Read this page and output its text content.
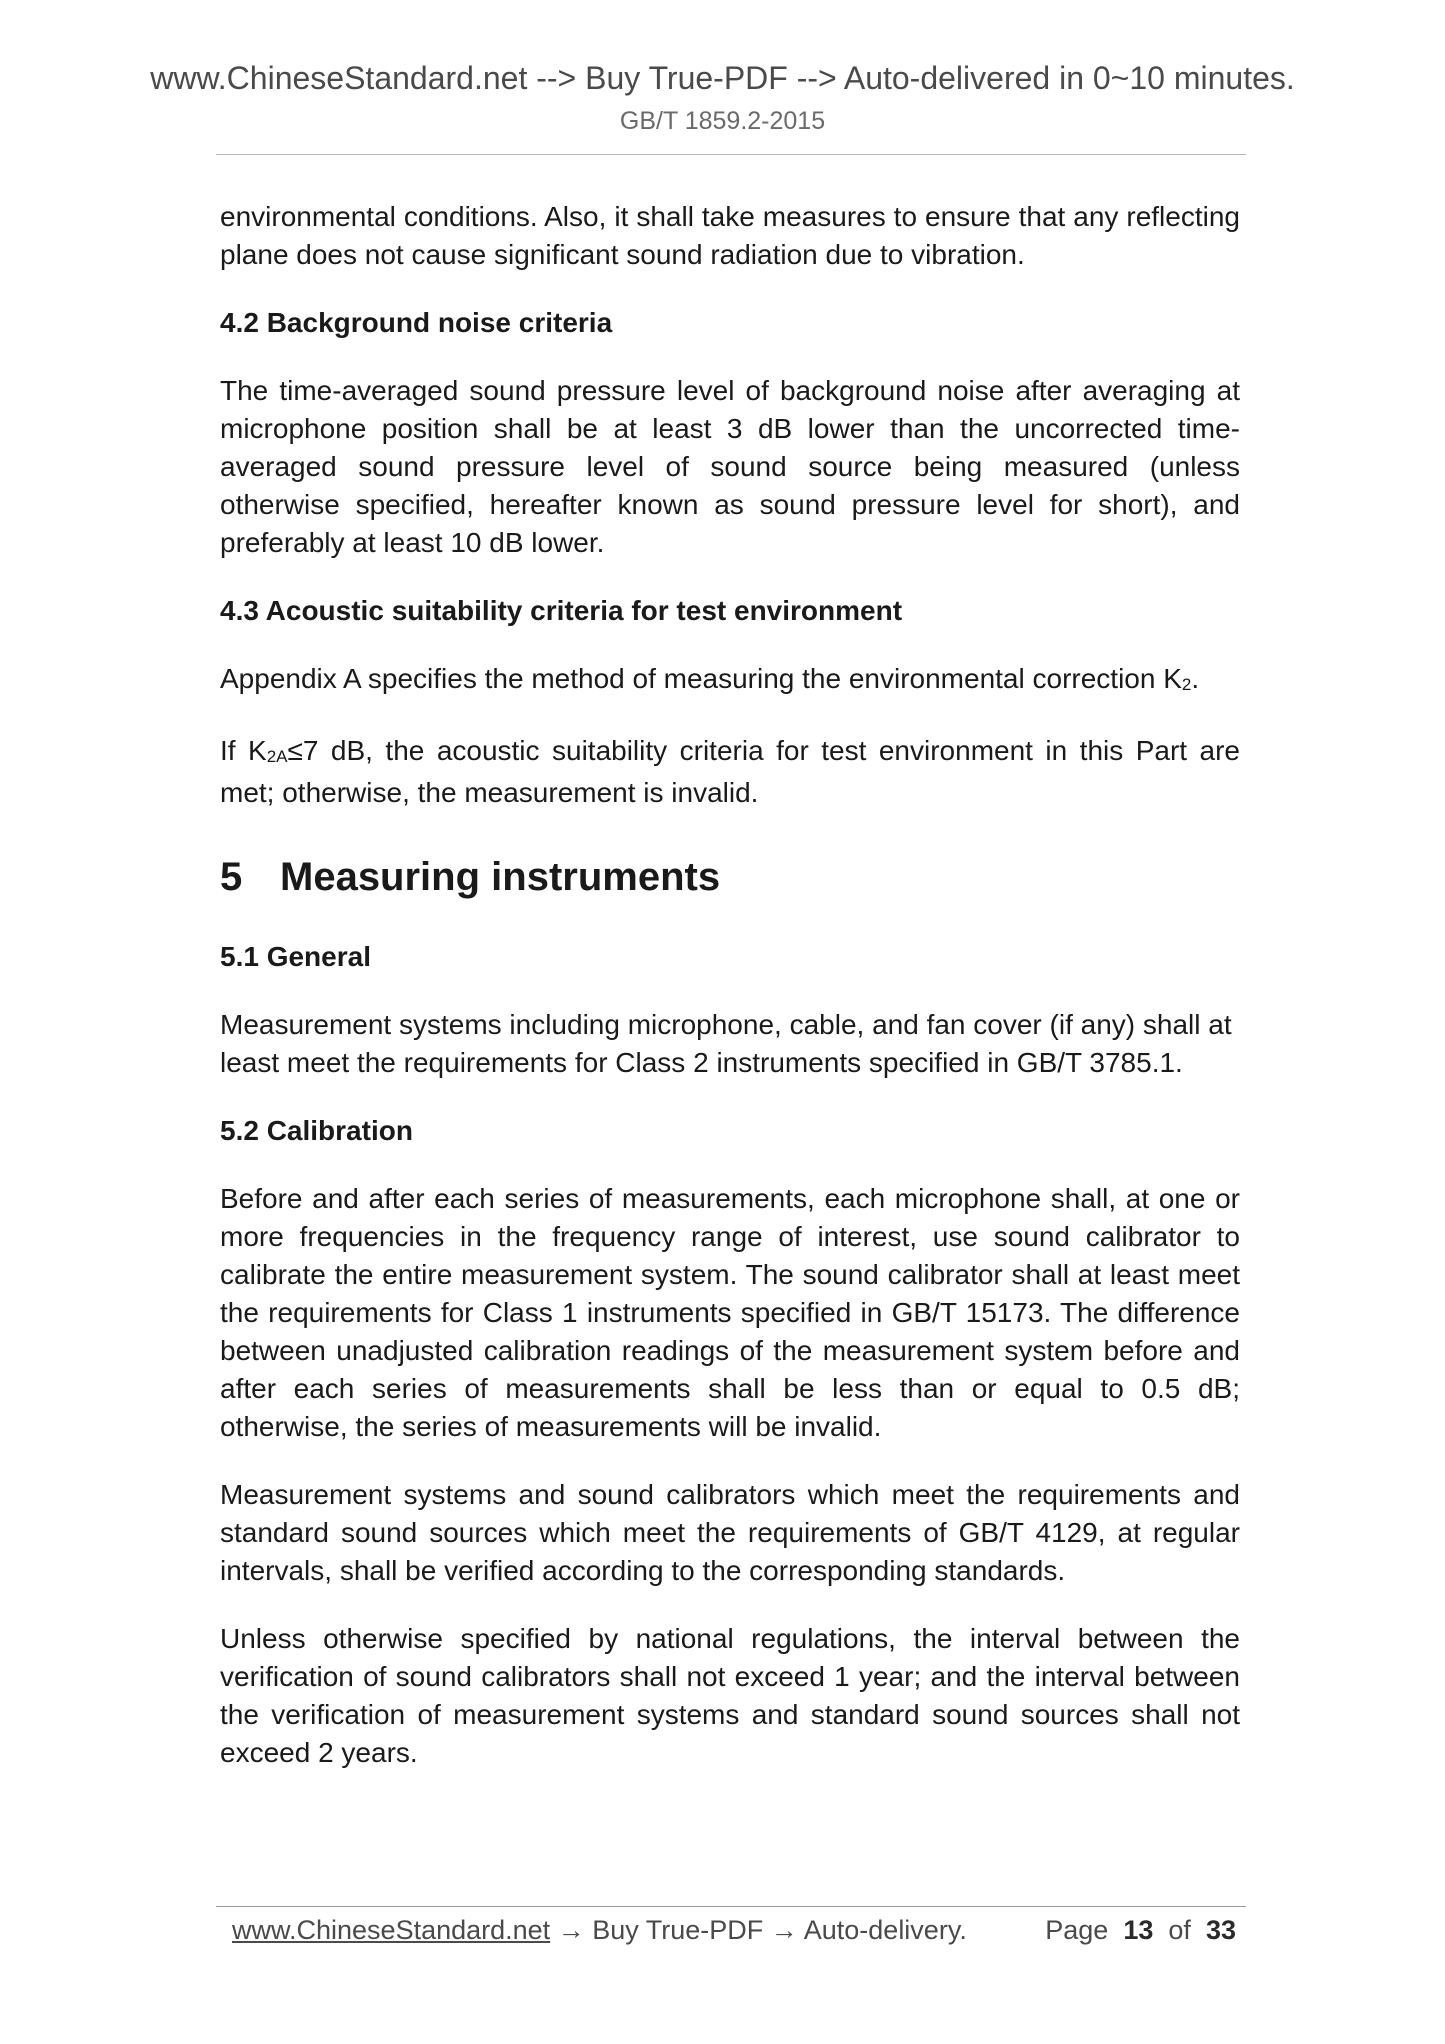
www.ChineseStandard.net --> Buy True-PDF --> Auto-delivered in 0~10 minutes.
GB/T 1859.2-2015

environmental conditions. Also, it shall take measures to ensure that any reflecting plane does not cause significant sound radiation due to vibration.

4.2 Background noise criteria

The time-averaged sound pressure level of background noise after averaging at microphone position shall be at least 3 dB lower than the uncorrected time-averaged sound pressure level of sound source being measured (unless otherwise specified, hereafter known as sound pressure level for short), and preferably at least 10 dB lower.

4.3 Acoustic suitability criteria for test environment

Appendix A specifies the method of measuring the environmental correction $K_2$.

If $K_{2A}\le 7$ dB, the acoustic suitability criteria for test environment in this Part are met; otherwise, the measurement is invalid.

5 Measuring instruments
5.1 General

Measurement systems including microphone, cable, and fan cover (if any) shall at least meet the requirements for Class 2 instruments specified in GB/T 3785.1.

5.2 Calibration

Before and after each series of measurements, each microphone shall, at one or more frequencies in the frequency range of interest, use sound calibrator to calibrate the entire measurement system. The sound calibrator shall at least meet the requirements for Class 1 instruments specified in GB/T 15173. The difference between unadjusted calibration readings of the measurement system before and after each series of measurements shall be less than or equal to 0.5 dB; otherwise, the series of measurements will be invalid.

Measurement systems and sound calibrators which meet the requirements and standard sound sources which meet the requirements of GB/T 4129, at regular intervals, shall be verified according to the corresponding standards.

Unless otherwise specified by national regulations, the interval between the verification of sound calibrators shall not exceed 1 year; and the interval between the verification of measurement systems and standard sound sources shall not exceed 2 years.

www.ChineseStandard.net → Buy True-PDF → Auto-delivery.	Page 13 of 33
